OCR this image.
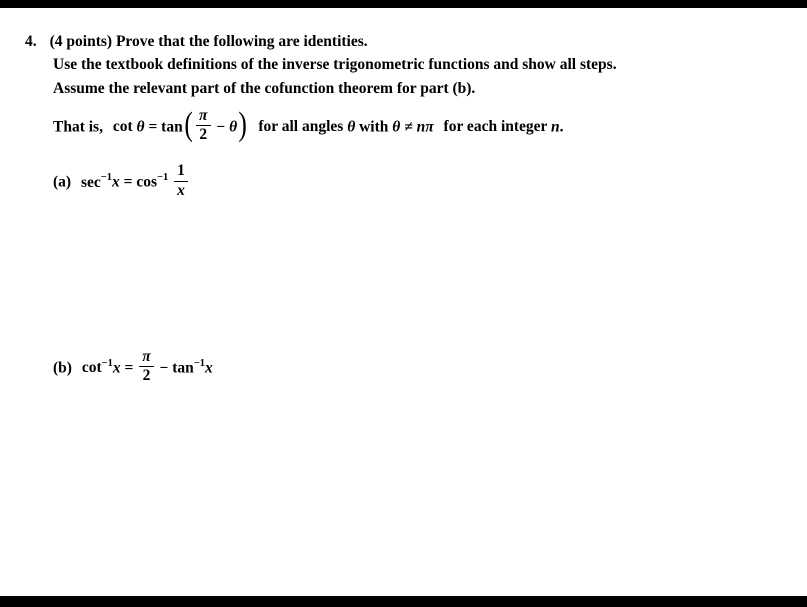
4. (4 points) Prove that the following are identities.
Use the textbook definitions of the inverse trigonometric functions and show all steps.
Assume the relevant part of the cofunction theorem for part (b).
That is, $\cot \theta = \tan( \frac{\pi}{2} - \theta)$ for all angles θ with θ ≠ nπ for each integer n.
(a) $\sec^{-1}x = \cos^{-1} \frac{1}{x}$
(b) $\cot^{-1}x = \frac{\pi}{2} - \tan^{-1}x$
